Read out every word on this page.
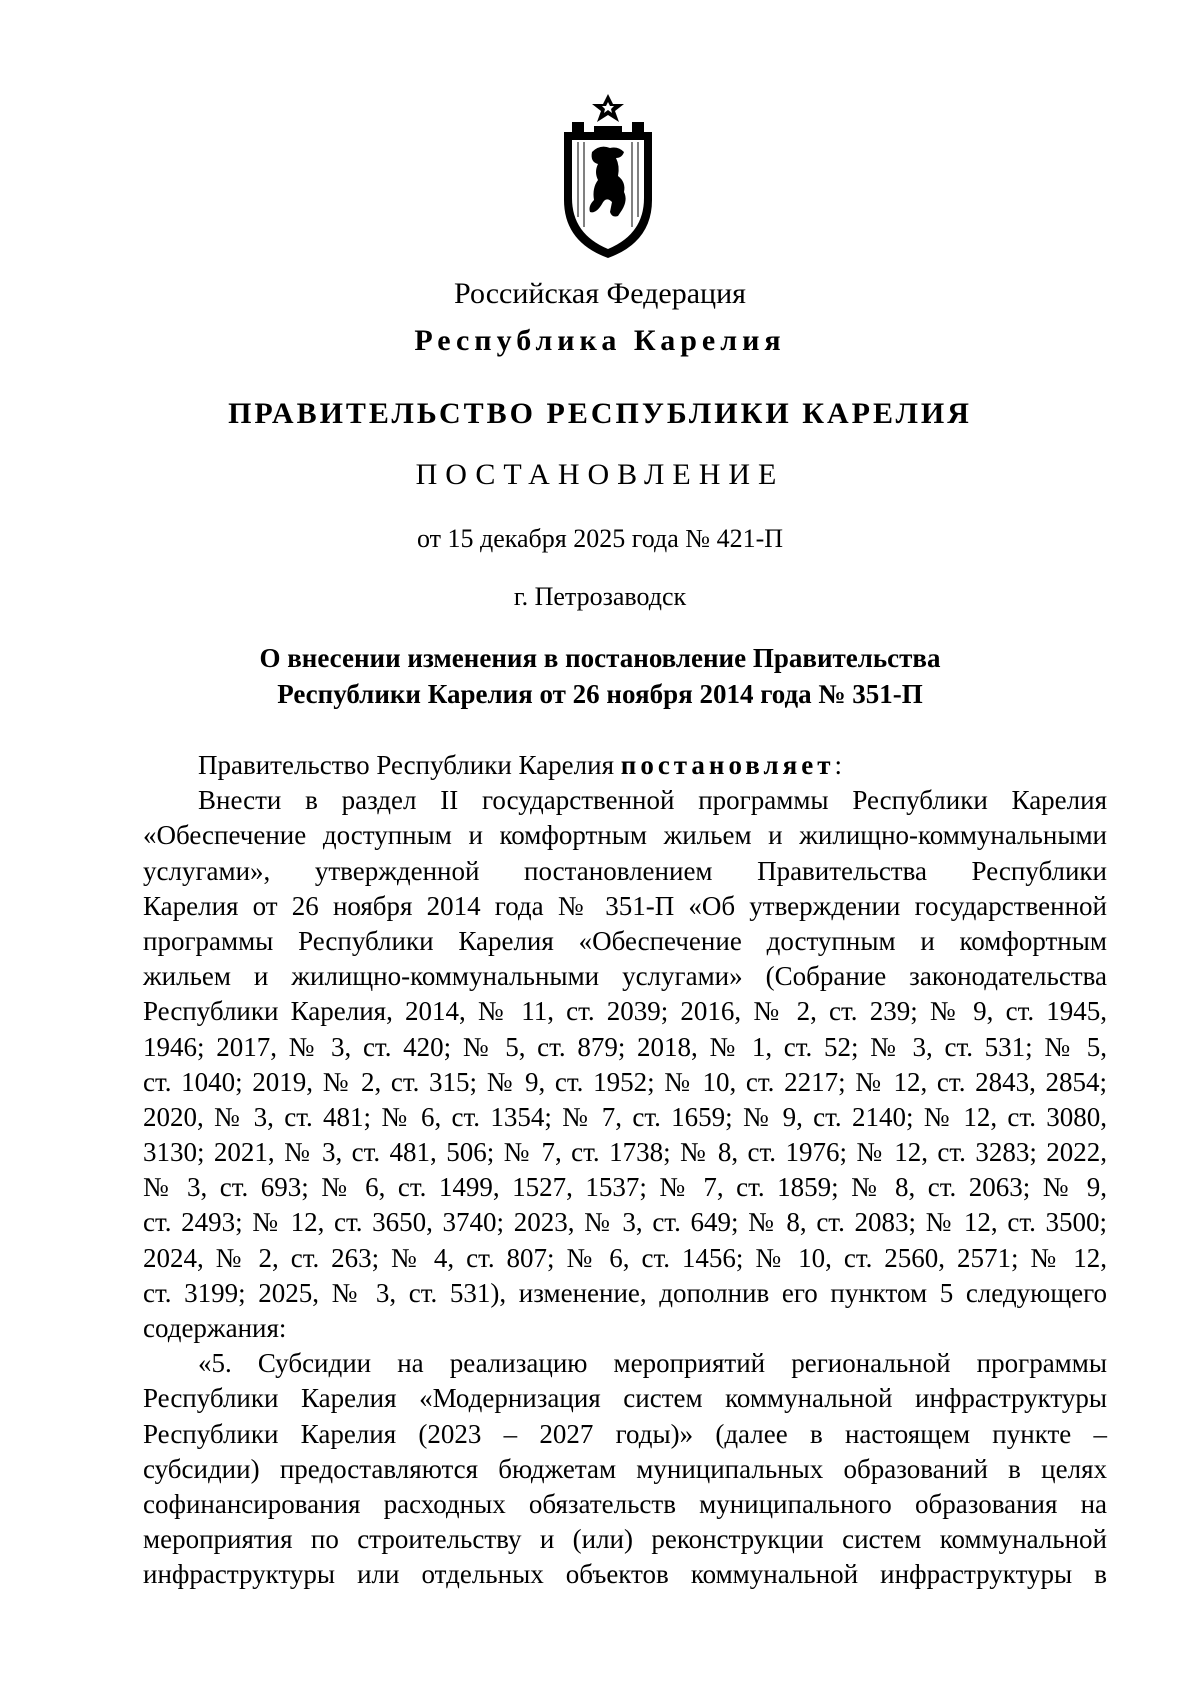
Российская Федерация
Республика Карелия
ПРАВИТЕЛЬСТВО РЕСПУБЛИКИ КАРЕЛИЯ
ПОСТАНОВЛЕНИЕ
от 15 декабря 2025 года № 421-П
г. Петрозаводск
О внесении изменения в постановление Правительства
Республики Карелия от 26 ноября 2014 года № 351-П
Правительство Республики Карелия постановляет:
Внести в раздел II государственной программы Республики Карелия
«Обеспечение доступным и комфортным жильем и жилищно-коммунальными
услугами», утвержденной постановлением Правительства Республики
Карелия от 26 ноября 2014 года № 351-П «Об утверждении государственной
программы Республики Карелия «Обеспечение доступным и комфортным
жильем и жилищно-коммунальными услугами» (Собрание законодательства
Республики Карелия, 2014, № 11, ст. 2039; 2016, № 2, ст. 239; № 9, ст. 1945,
1946; 2017, № 3, ст. 420; № 5, ст. 879; 2018, № 1, ст. 52; № 3, ст. 531; № 5,
ст. 1040; 2019, № 2, ст. 315; № 9, ст. 1952; № 10, ст. 2217; № 12, ст. 2843, 2854;
2020, № 3, ст. 481; № 6, ст. 1354; № 7, ст. 1659; № 9, ст. 2140; № 12, ст. 3080,
3130; 2021, № 3, ст. 481, 506; № 7, ст. 1738; № 8, ст. 1976; № 12, ст. 3283; 2022,
№ 3, ст. 693; № 6, ст. 1499, 1527, 1537; № 7, ст. 1859; № 8, ст. 2063; № 9,
ст. 2493; № 12, ст. 3650, 3740; 2023, № 3, ст. 649; № 8, ст. 2083; № 12, ст. 3500;
2024, № 2, ст. 263; № 4, ст. 807; № 6, ст. 1456; № 10, ст. 2560, 2571; № 12,
ст. 3199; 2025, № 3, ст. 531), изменение, дополнив его пунктом 5 следующего
содержания:
«5. Субсидии на реализацию мероприятий региональной программы
Республики Карелия «Модернизация систем коммунальной инфраструктуры
Республики Карелия (2023 – 2027 годы)» (далее в настоящем пункте –
субсидии) предоставляются бюджетам муниципальных образований в целях
софинансирования расходных обязательств муниципального образования на
мероприятия по строительству и (или) реконструкции систем коммунальной
инфраструктуры или отдельных объектов коммунальной инфраструктуры в
